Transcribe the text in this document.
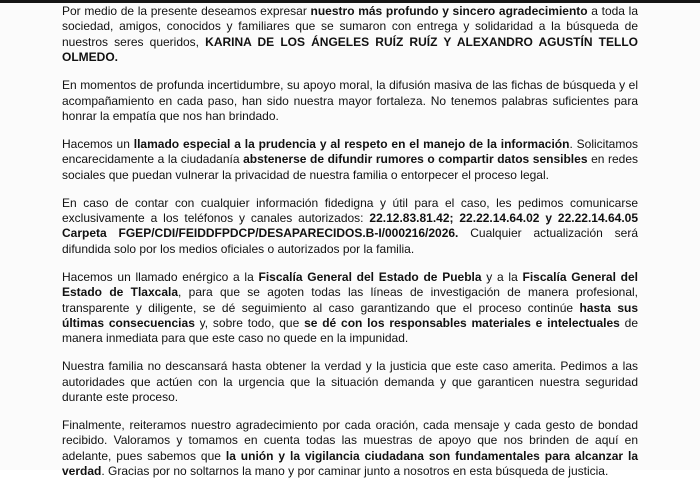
Por medio de la presente deseamos expresar nuestro más profundo y sincero agradecimiento a toda la sociedad, amigos, conocidos y familiares que se sumaron con entrega y solidaridad a la búsqueda de nuestros seres queridos, KARINA DE LOS ÁNGELES RUÍZ RUÍZ Y ALEXANDRO AGUSTÍN TELLO OLMEDO.

En momentos de profunda incertidumbre, su apoyo moral, la difusión masiva de las fichas de búsqueda y el acompañamiento en cada paso, han sido nuestra mayor fortaleza. No tenemos palabras suficientes para honrar la empatía que nos han brindado.

Hacemos un llamado especial a la prudencia y al respeto en el manejo de la información. Solicitamos encarecidamente a la ciudadanía abstenerse de difundir rumores o compartir datos sensibles en redes sociales que puedan vulnerar la privacidad de nuestra familia o entorpecer el proceso legal.

En caso de contar con cualquier información fidedigna y útil para el caso, les pedimos comunicarse exclusivamente a los teléfonos y canales autorizados: 22.12.83.81.42; 22.22.14.64.02 y 22.22.14.64.05 Carpeta FGEP/CDI/FEIDDFPDCP/DESAPARECIDOS.B-I/000216/2026. Cualquier actualización será difundida solo por los medios oficiales o autorizados por la familia.

Hacemos un llamado enérgico a la Fiscalía General del Estado de Puebla y a la Fiscalía General del Estado de Tlaxcala, para que se agoten todas las líneas de investigación de manera profesional, transparente y diligente, se dé seguimiento al caso garantizando que el proceso continúe hasta sus últimas consecuencias y, sobre todo, que se dé con los responsables materiales e intelectuales de manera inmediata para que este caso no quede en la impunidad.

Nuestra familia no descansará hasta obtener la verdad y la justicia que este caso amerita. Pedimos a las autoridades que actúen con la urgencia que la situación demanda y que garanticen nuestra seguridad durante este proceso.

Finalmente, reiteramos nuestro agradecimiento por cada oración, cada mensaje y cada gesto de bondad recibido. Valoramos y tomamos en cuenta todas las muestras de apoyo que nos brinden de aquí en adelante, pues sabemos que la unión y la vigilancia ciudadana son fundamentales para alcanzar la verdad. Gracias por no soltarnos la mano y por caminar junto a nosotros en esta búsqueda de justicia.
